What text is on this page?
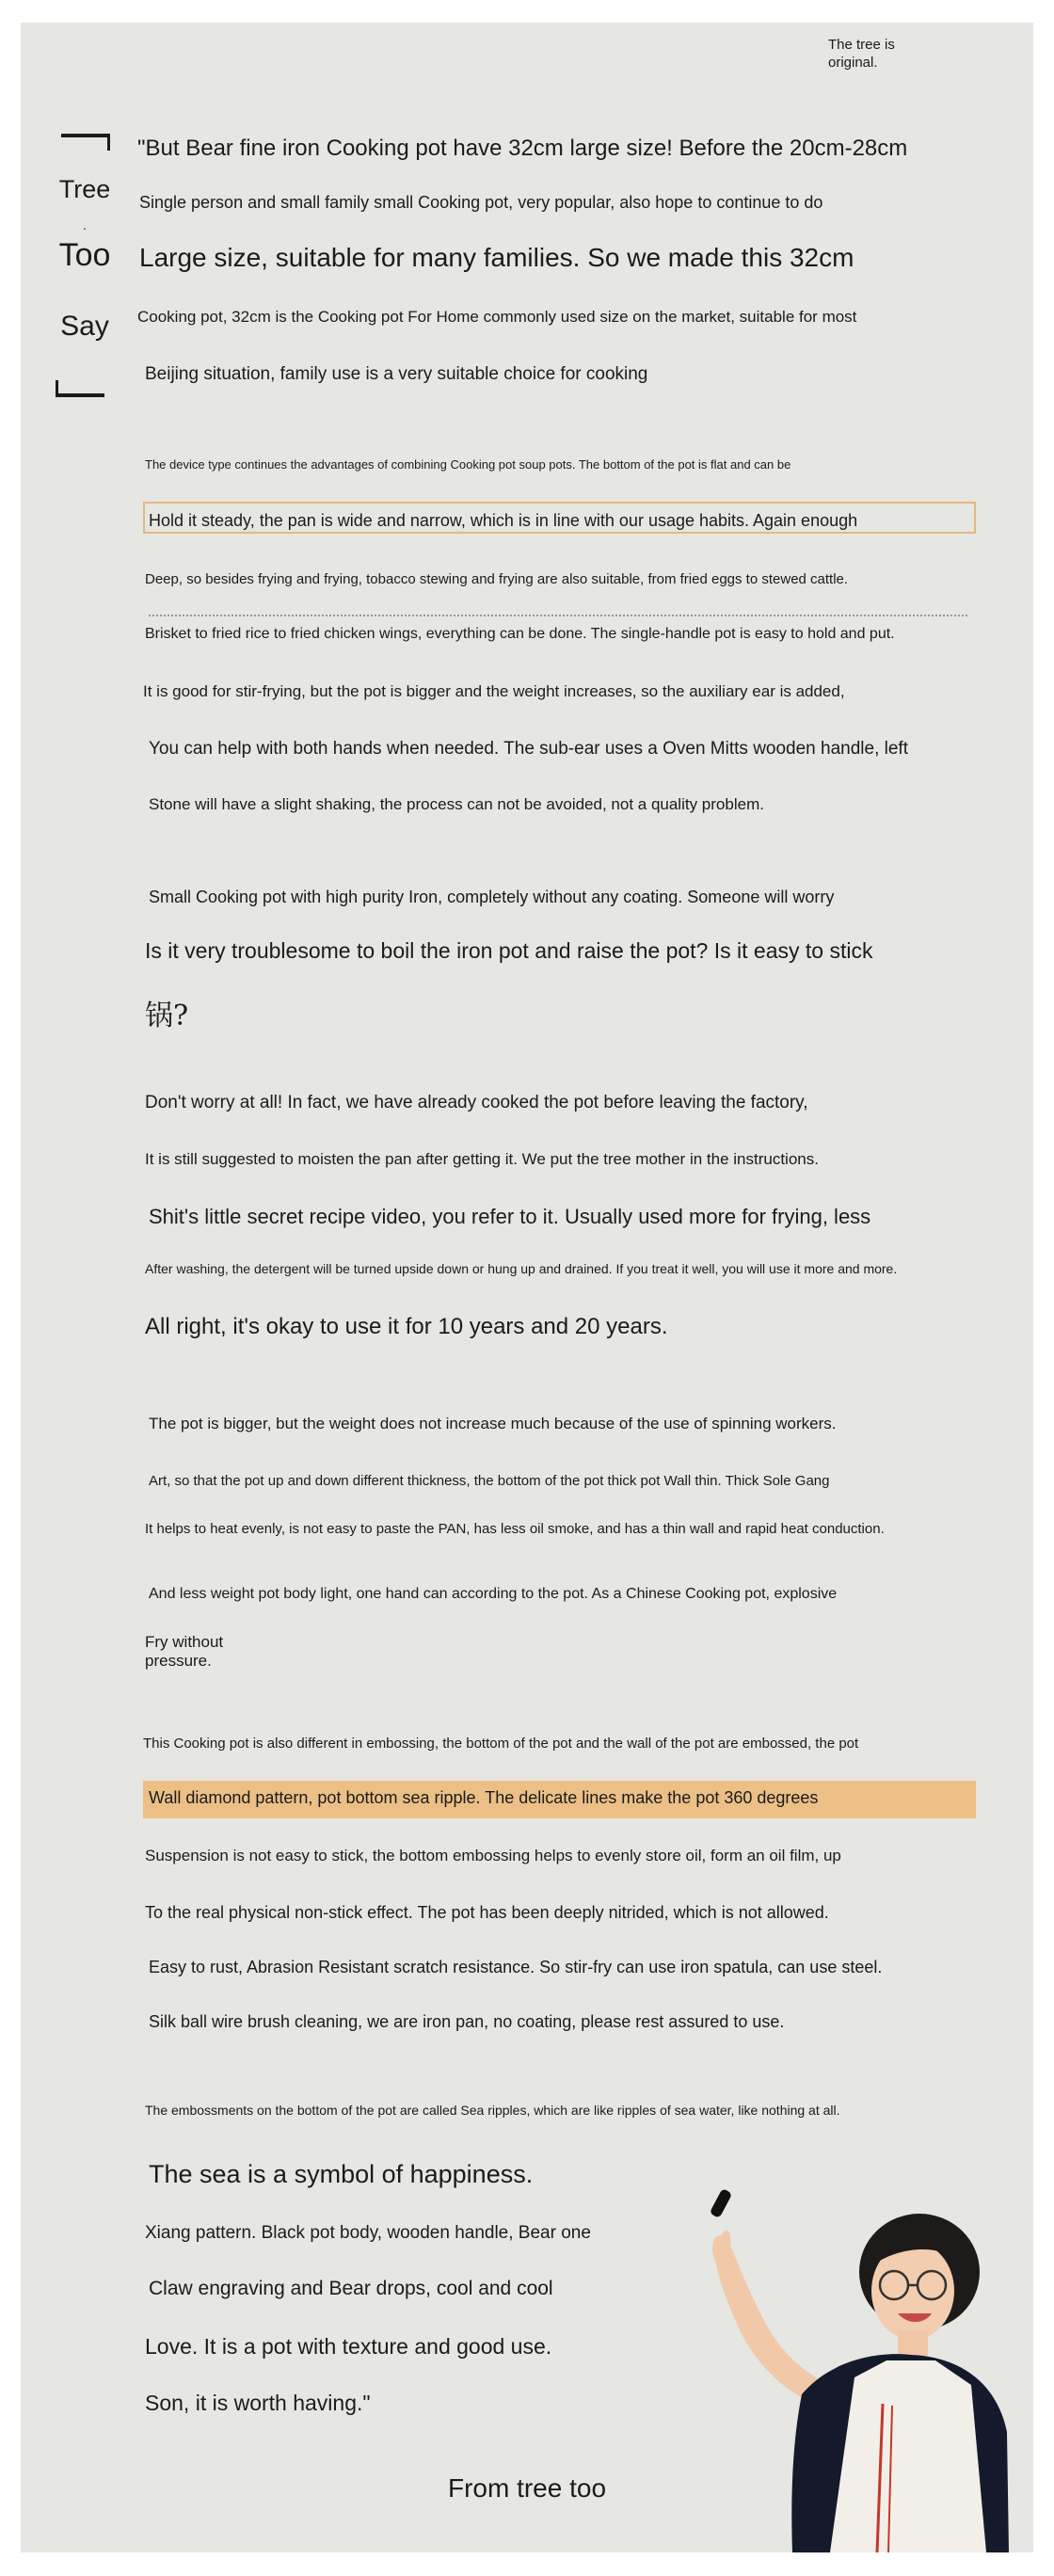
The tree is original.
Tree
·
Too
Say
"But Bear fine iron Cooking pot have 32cm large size! Before the 20cm-28cm
Single person and small family small Cooking pot, very popular, also hope to continue to do
Large size, suitable for many families. So we made this 32cm
Cooking pot, 32cm is the Cooking pot For Home commonly used size on the market, suitable for most
Beijing situation, family use is a very suitable choice for cooking
The device type continues the advantages of combining Cooking pot soup pots. The bottom of the pot is flat and can be
Hold it steady, the pan is wide and narrow, which is in line with our usage habits. Again enough
Deep, so besides frying and frying, tobacco stewing and frying are also suitable, from fried eggs to stewed cattle.
Brisket to fried rice to fried chicken wings, everything can be done. The single-handle pot is easy to hold and put.
It is good for stir-frying, but the pot is bigger and the weight increases, so the auxiliary ear is added,
You can help with both hands when needed. The sub-ear uses a Oven Mitts wooden handle, left
Stone will have a slight shaking, the process can not be avoided, not a quality problem.
Small Cooking pot with high purity Iron, completely without any coating. Someone will worry
Is it very troublesome to boil the iron pot and raise the pot? Is it easy to stick
锅?
Don't worry at all! In fact, we have already cooked the pot before leaving the factory,
It is still suggested to moisten the pan after getting it. We put the tree mother in the instructions.
Shit's little secret recipe video, you refer to it. Usually used more for frying, less
After washing, the detergent will be turned upside down or hung up and drained. If you treat it well, you will use it more and more.
All right, it's okay to use it for 10 years and 20 years.
The pot is bigger, but the weight does not increase much because of the use of spinning workers.
Art, so that the pot up and down different thickness, the bottom of the pot thick pot Wall thin. Thick Sole Gang
It helps to heat evenly, is not easy to paste the PAN, has less oil smoke, and has a thin wall and rapid heat conduction.
And less weight pot body light, one hand can according to the pot. As a Chinese Cooking pot, explosive
Fry without pressure.
This Cooking pot is also different in embossing, the bottom of the pot and the wall of the pot are embossed, the pot
Wall diamond pattern, pot bottom sea ripple. The delicate lines make the pot 360 degrees
Suspension is not easy to stick, the bottom embossing helps to evenly store oil, form an oil film, up
To the real physical non-stick effect. The pot has been deeply nitrided, which is not allowed.
Easy to rust, Abrasion Resistant scratch resistance. So stir-fry can use iron spatula, can use steel.
Silk ball wire brush cleaning, we are iron pan, no coating, please rest assured to use.
The embossments on the bottom of the pot are called Sea ripples, which are like ripples of sea water, like nothing at all.
The sea is a symbol of happiness.
Xiang pattern. Black pot body, wooden handle, Bear one
Claw engraving and Bear drops, cool and cool
Love. It is a pot with texture and good use.
Son, it is worth having."
From tree too
